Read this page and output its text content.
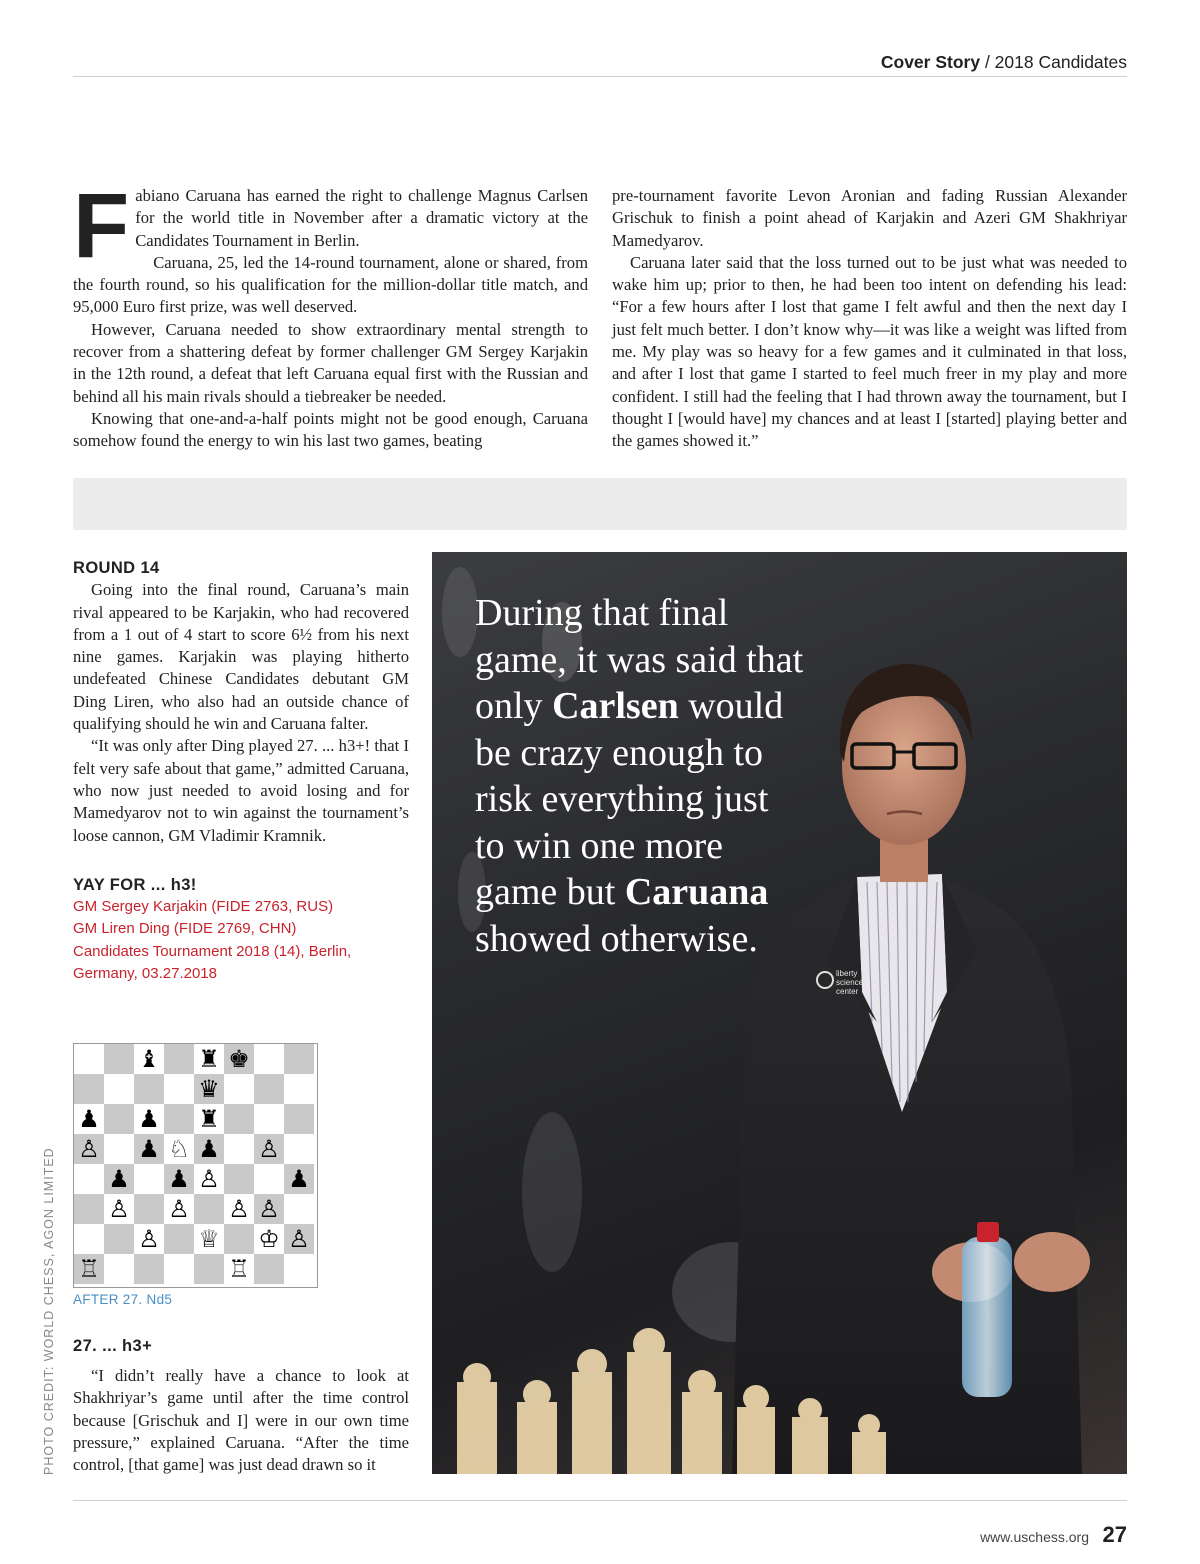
Cover Story / 2018 Candidates

Fabiano Caruana has earned the right to challenge Magnus Carlsen for the world title in November after a dramatic victory at the Candidates Tournament in Berlin.

Caruana, 25, led the 14-round tournament, alone or shared, from the fourth round, so his qualification for the million-dollar title match, and 95,000 Euro first prize, was well deserved.

However, Caruana needed to show extraordinary mental strength to recover from a shattering defeat by former challenger GM Sergey Karjakin in the 12th round, a defeat that left Caruana equal first with the Russian and behind all his main rivals should a tiebreaker be needed.

Knowing that one-and-a-half points might not be good enough, Caruana somehow found the energy to win his last two games, beating

pre-tournament favorite Levon Aronian and fading Russian Alexander Grischuk to finish a point ahead of Karjakin and Azeri GM Shakhriyar Mamedyarov.

Caruana later said that the loss turned out to be just what was needed to wake him up; prior to then, he had been too intent on defending his lead: “For a few hours after I lost that game I felt awful and then the next day I just felt much better. I don’t know why—it was like a weight was lifted from me. My play was so heavy for a few games and it culminated in that loss, and after I lost that game I started to feel much freer in my play and more confident. I still had the feeling that I had thrown away the tournament, but I thought I [would have] my chances and at least I [started] playing better and the games showed it.”

ROUND 14

Going into the final round, Caruana’s main rival appeared to be Karjakin, who had recovered from a 1 out of 4 start to score 6½ from his next nine games. Karjakin was playing hitherto undefeated Chinese Candidates debutant GM Ding Liren, who also had an outside chance of qualifying should he win and Caruana falter.

“It was only after Ding played 27. ... h3+! that I felt very safe about that game,” admitted Caruana, who now just needed to avoid losing and for Mamedyarov not to win against the tournament’s loose cannon, GM Vladimir Kramnik.

YAY FOR ... h3!
GM Sergey Karjakin (FIDE 2763, RUS)
GM Liren Ding (FIDE 2769, CHN)
Candidates Tournament 2018 (14), Berlin, Germany, 03.27.2018
♝ ♜ ♚
♛
♟ ♟ ♜
♙ ♟ ♘ ♟ ♙
♟ ♟ ♙	♟
♙ ♙ ♙ ♙
♙ ♕ ♔ ♙
♖	♖
AFTER 27. Nd5
27. ... h3+

“I didn’t really have a chance to look at Shakhriyar’s game until after the time control because [Grischuk and I] were in our own time pressure,” explained Caruana. “After the time control, [that game] was just dead drawn so it

liberty
science
center
During that final game, it was said that only Carlsen would be crazy enough to risk everything just to win one more game but Caruana showed otherwise.
PHOTO CREDIT: WORLD CHESS, AGON LIMITED
www.uschess.org 27
